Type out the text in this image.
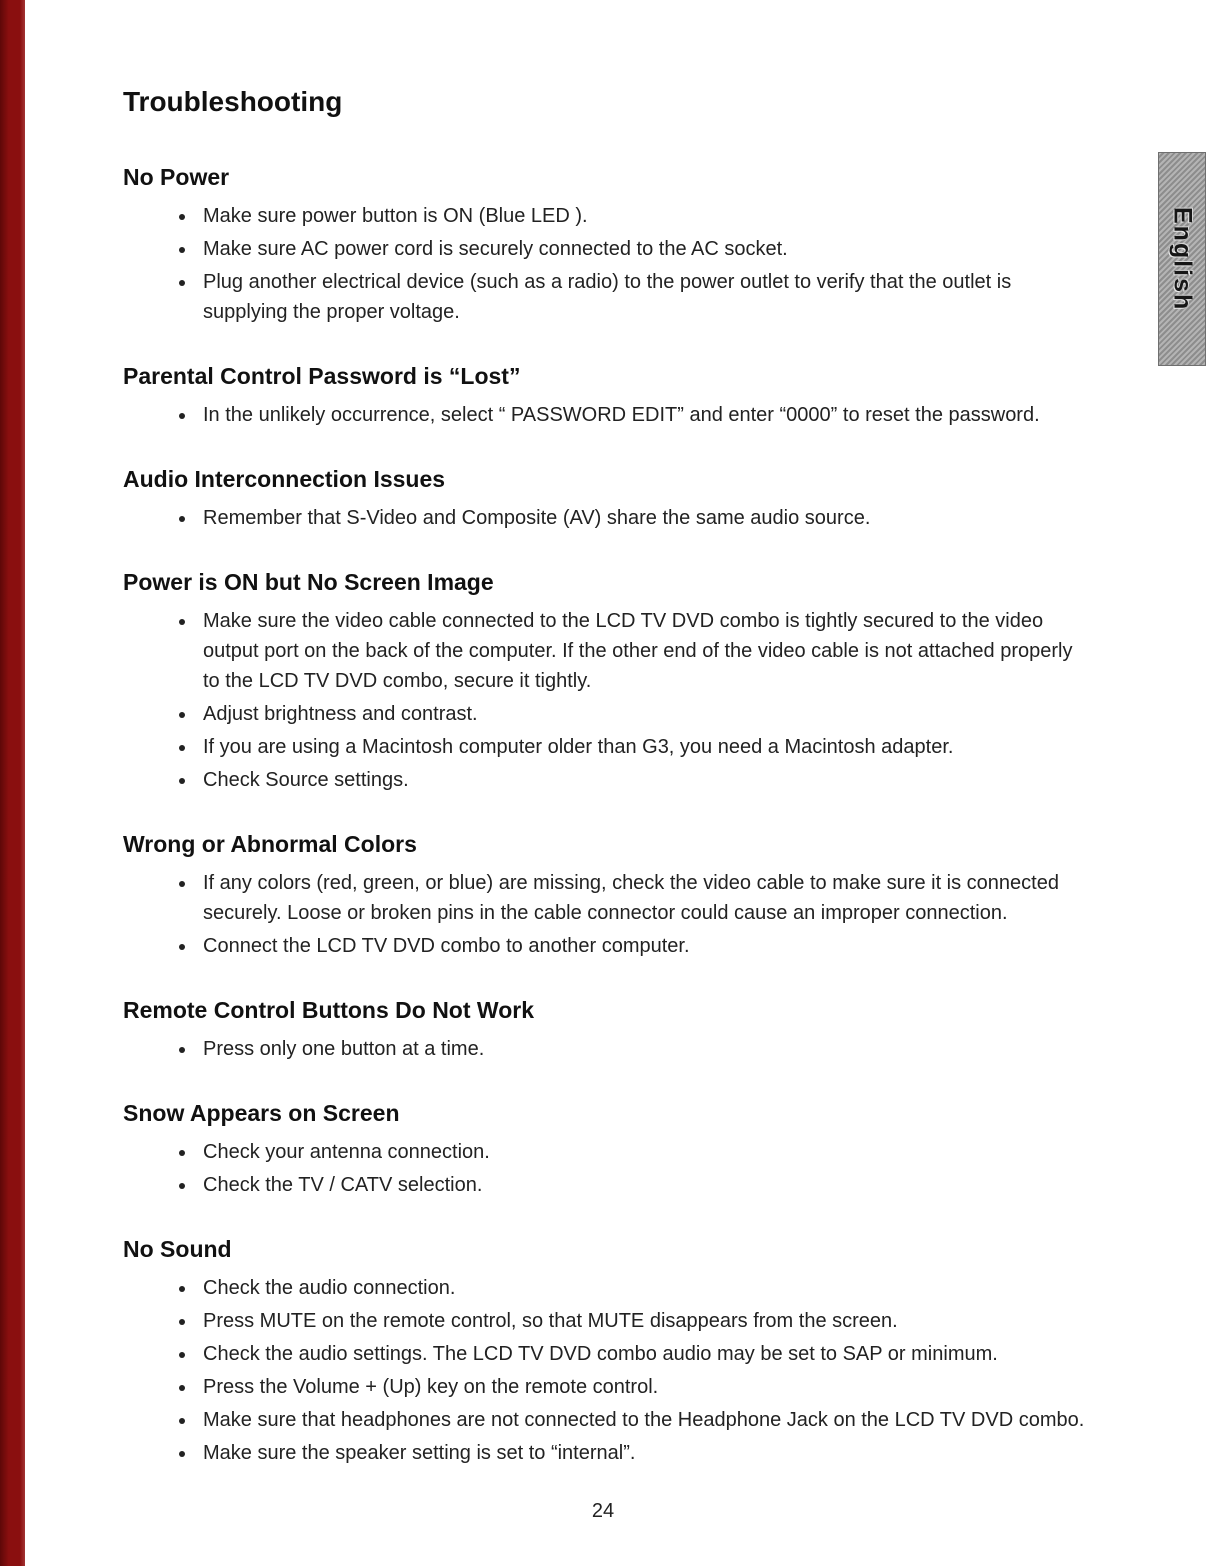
English
Troubleshooting
No Power
• Make sure power button is ON (Blue LED ).
• Make sure AC power cord is securely connected to the AC socket.
• Plug another electrical device (such as a radio) to the power outlet to verify that the outlet is supplying the proper voltage.
Parental Control Password is “Lost”
• In the unlikely occurrence, select “ PASSWORD EDIT” and enter “0000” to reset the password.
Audio Interconnection Issues
• Remember that S-Video and Composite (AV) share the same audio source.
Power is ON but No Screen Image
• Make sure the video cable connected to the LCD TV DVD combo is tightly secured to the video output port on the back of the computer. If the other end of the video cable is not attached properly to the LCD TV DVD combo, secure it tightly.
• Adjust brightness and contrast.
• If you are using a Macintosh computer older than G3, you need a Macintosh adapter.
• Check Source settings.
Wrong or Abnormal Colors
• If any colors (red, green, or blue) are missing, check the video cable to make sure it is connected securely. Loose or broken pins in the cable connector could cause an improper connection.
• Connect the LCD TV DVD combo to another computer.
Remote Control Buttons Do Not Work
• Press only one button at a time.
Snow Appears on Screen
• Check your antenna connection.
• Check the TV / CATV selection.
No Sound
• Check the audio connection.
• Press MUTE on the remote control, so that MUTE disappears from the screen.
• Check the audio settings. The LCD TV DVD combo audio may be set to SAP or minimum.
• Press the Volume + (Up) key on the remote control.
• Make sure that headphones are not connected to the Headphone Jack on the LCD TV DVD combo.
• Make sure the speaker setting is set to “internal”.
24
